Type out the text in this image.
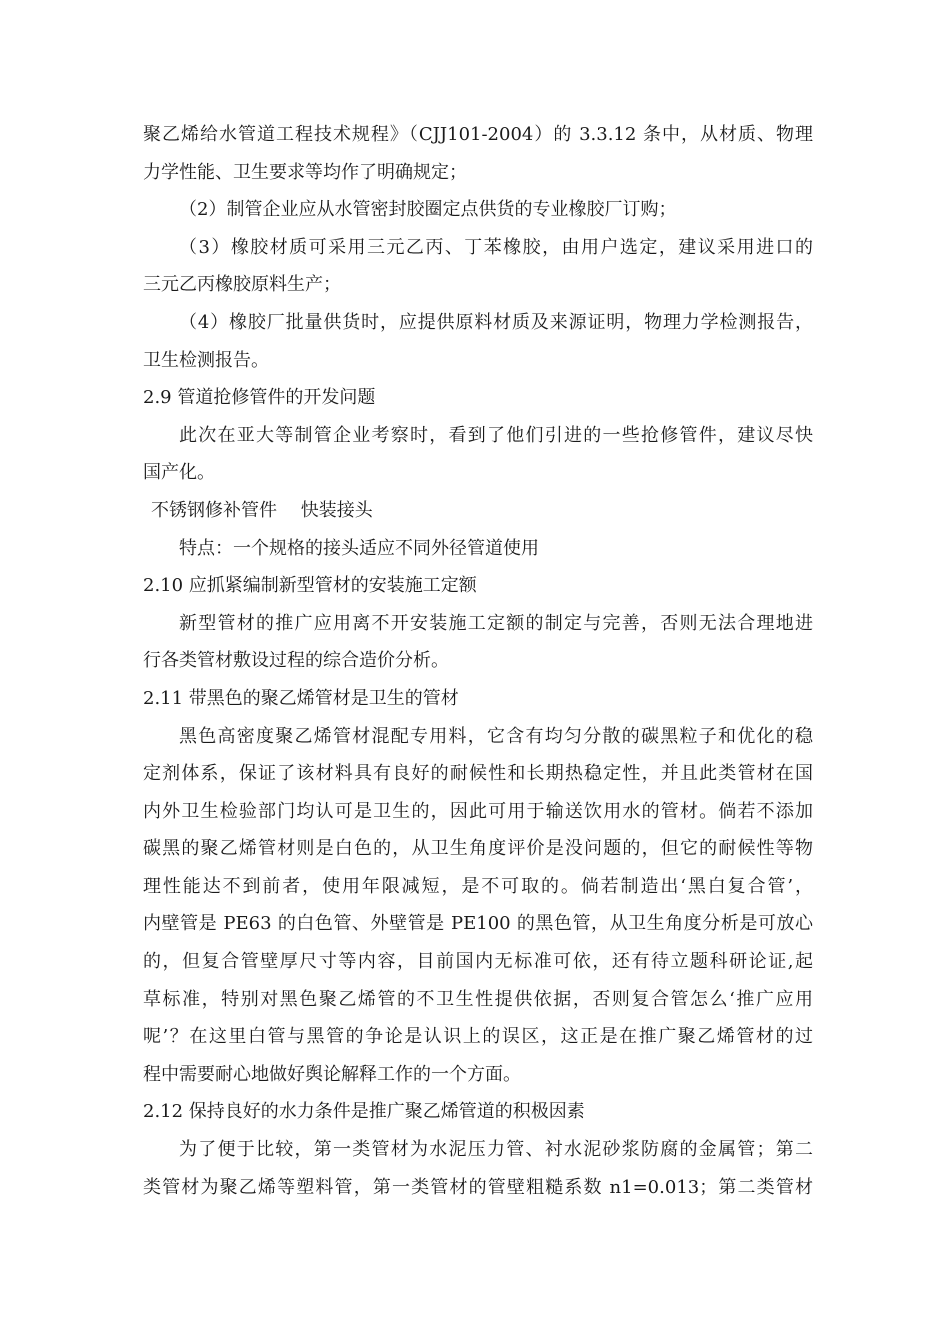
聚乙烯给水管道工程技术规程》（CJJ101-2004）的 3.3.12 条中，从材质、物理
力学性能、卫生要求等均作了明确规定；
（2）制管企业应从水管密封胶圈定点供货的专业橡胶厂订购；
（3）橡胶材质可采用三元乙丙、丁苯橡胶，由用户选定，建议采用进口的
三元乙丙橡胶原料生产；
（4）橡胶厂批量供货时，应提供原料材质及来源证明，物理力学检测报告，
卫生检测报告。
2.9 管道抢修管件的开发问题
此次在亚大等制管企业考察时，看到了他们引进的一些抢修管件，建议尽快
国产化。
不锈钢修补管件　 快装接头
特点：一个规格的接头适应不同外径管道使用
2.10 应抓紧编制新型管材的安装施工定额
新型管材的推广应用离不开安装施工定额的制定与完善，否则无法合理地进
行各类管材敷设过程的综合造价分析。
2.11 带黑色的聚乙烯管材是卫生的管材
黑色高密度聚乙烯管材混配专用料，它含有均匀分散的碳黑粒子和优化的稳
定剂体系，保证了该材料具有良好的耐候性和长期热稳定性，并且此类管材在国
内外卫生检验部门均认可是卫生的，因此可用于输送饮用水的管材。倘若不添加
碳黑的聚乙烯管材则是白色的，从卫生角度评价是没问题的，但它的耐候性等物
理性能达不到前者，使用年限减短，是不可取的。倘若制造出‘黑白复合管’，
内壁管是 PE63 的白色管、外壁管是 PE100 的黑色管，从卫生角度分析是可放心
的，但复合管壁厚尺寸等内容，目前国内无标准可依，还有待立题科研论证,起
草标准，特别对黑色聚乙烯管的不卫生性提供依据，否则复合管怎么‘推广应用
呢’？在这里白管与黑管的争论是认识上的误区，这正是在推广聚乙烯管材的过
程中需要耐心地做好舆论解释工作的一个方面。
2.12 保持良好的水力条件是推广聚乙烯管道的积极因素
为了便于比较，第一类管材为水泥压力管、衬水泥砂浆防腐的金属管；第二
类管材为聚乙烯等塑料管，第一类管材的管壁粗糙系数 n1=0.013；第二类管材
